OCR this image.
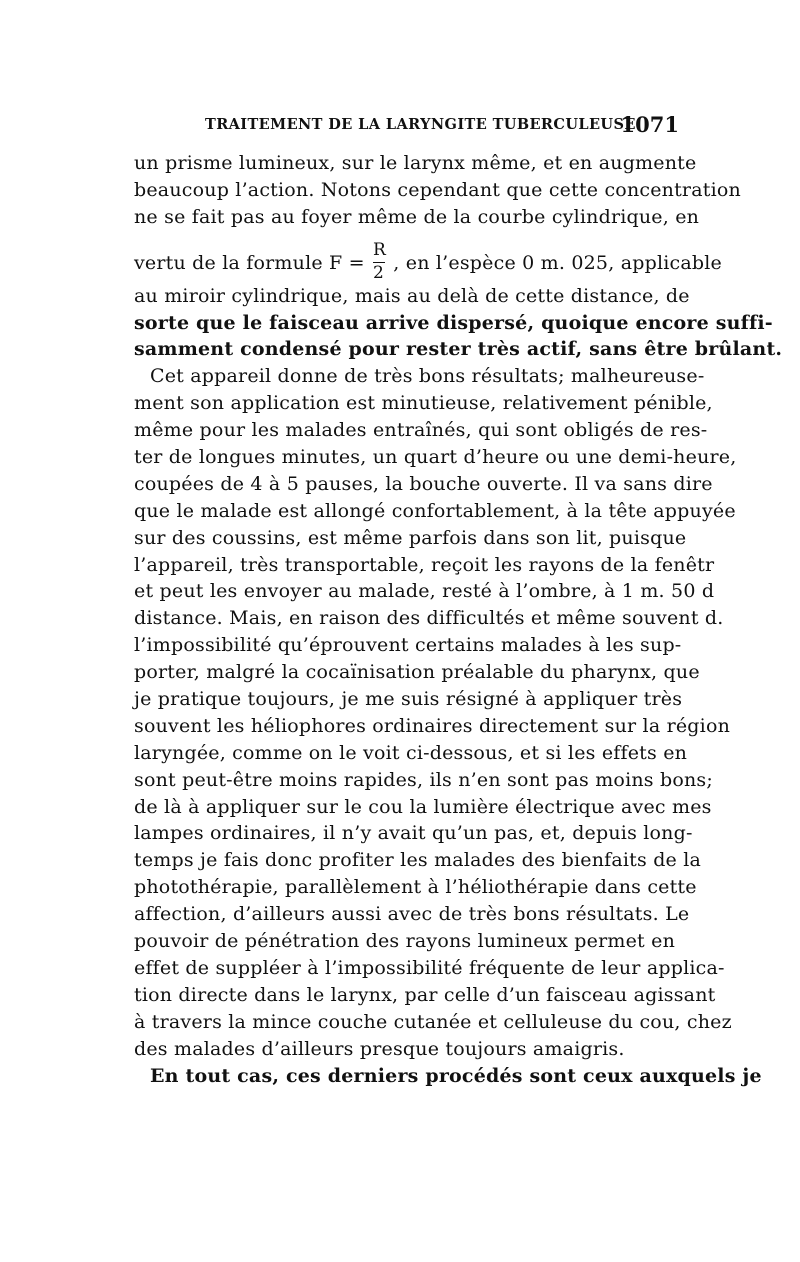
TRAITEMENT DE LA LARYNGITE TUBERCULEUSE
1071
un prisme lumineux, sur le larynx même, et en augmente
beaucoup l’action. Notons cependant que cette concentration
ne se fait pas au foyer même de la courbe cylindrique, en
vertu de la formule $F = \frac{R}{2}$ , en l’espèce 0 m. 025, applicable
au miroir cylindrique, mais au delà de cette distance, de
sorte que le faisceau arrive dispersé, quoique encore suffi-
samment condensé pour rester très actif, sans être brûlant.
Cet appareil donne de très bons résultats; malheureuse-
ment son application est minutieuse, relativement pénible,
même pour les malades entraînés, qui sont obligés de res-
ter de longues minutes, un quart d’heure ou une demi-heure,
coupées de 4 à 5 pauses, la bouche ouverte. Il va sans dire
que le malade est allongé confortablement, à la tête appuyée
sur des coussins, est même parfois dans son lit, puisque
l’appareil, très transportable, reçoit les rayons de la fenêtr
et peut les envoyer au malade, resté à l’ombre, à 1 m. 50 d
distance. Mais, en raison des difficultés et même souvent d.
l’impossibilité qu’éprouvent certains malades à les sup-
porter, malgré la cocaïnisation préalable du pharynx, que
je pratique toujours, je me suis résigné à appliquer très
souvent les héliophores ordinaires directement sur la région
laryngée, comme on le voit ci-dessous, et si les effets en
sont peut-être moins rapides, ils n’en sont pas moins bons;
de là à appliquer sur le cou la lumière électrique avec mes
lampes ordinaires, il n’y avait qu’un pas, et, depuis long-
temps je fais donc profiter les malades des bienfaits de la
photothérapie, parallèlement à l’héliothérapie dans cette
affection, d’ailleurs aussi avec de très bons résultats. Le
pouvoir de pénétration des rayons lumineux permet en
effet de suppléer à l’impossibilité fréquente de leur applica-
tion directe dans le larynx, par celle d’un faisceau agissant
à travers la mince couche cutanée et celluleuse du cou, chez
des malades d’ailleurs presque toujours amaigris.
En tout cas, ces derniers procédés sont ceux auxquels je
